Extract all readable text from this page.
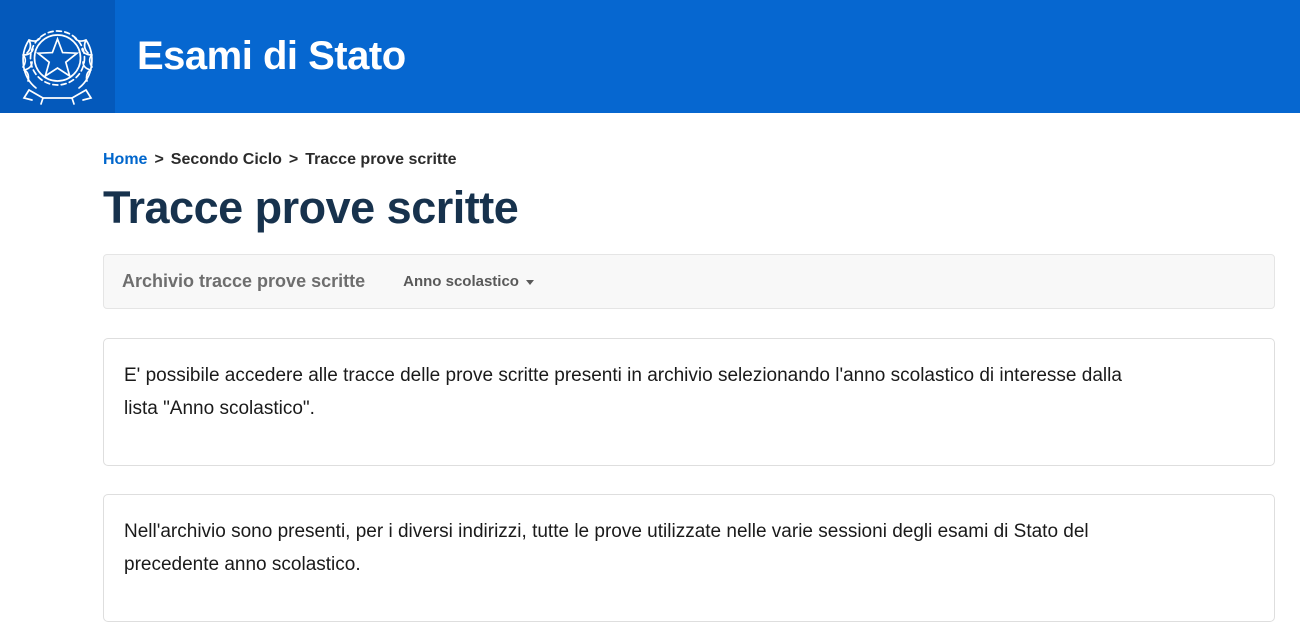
Esami di Stato
Home > Secondo Ciclo > Tracce prove scritte
Tracce prove scritte
Archivio tracce prove scritte	Anno scolastico

E' possibile accedere alle tracce delle prove scritte presenti in archivio selezionando l'anno scolastico di interesse dalla lista "Anno scolastico".

Nell'archivio sono presenti, per i diversi indirizzi, tutte le prove utilizzate nelle varie sessioni degli esami di Stato del precedente anno scolastico.
